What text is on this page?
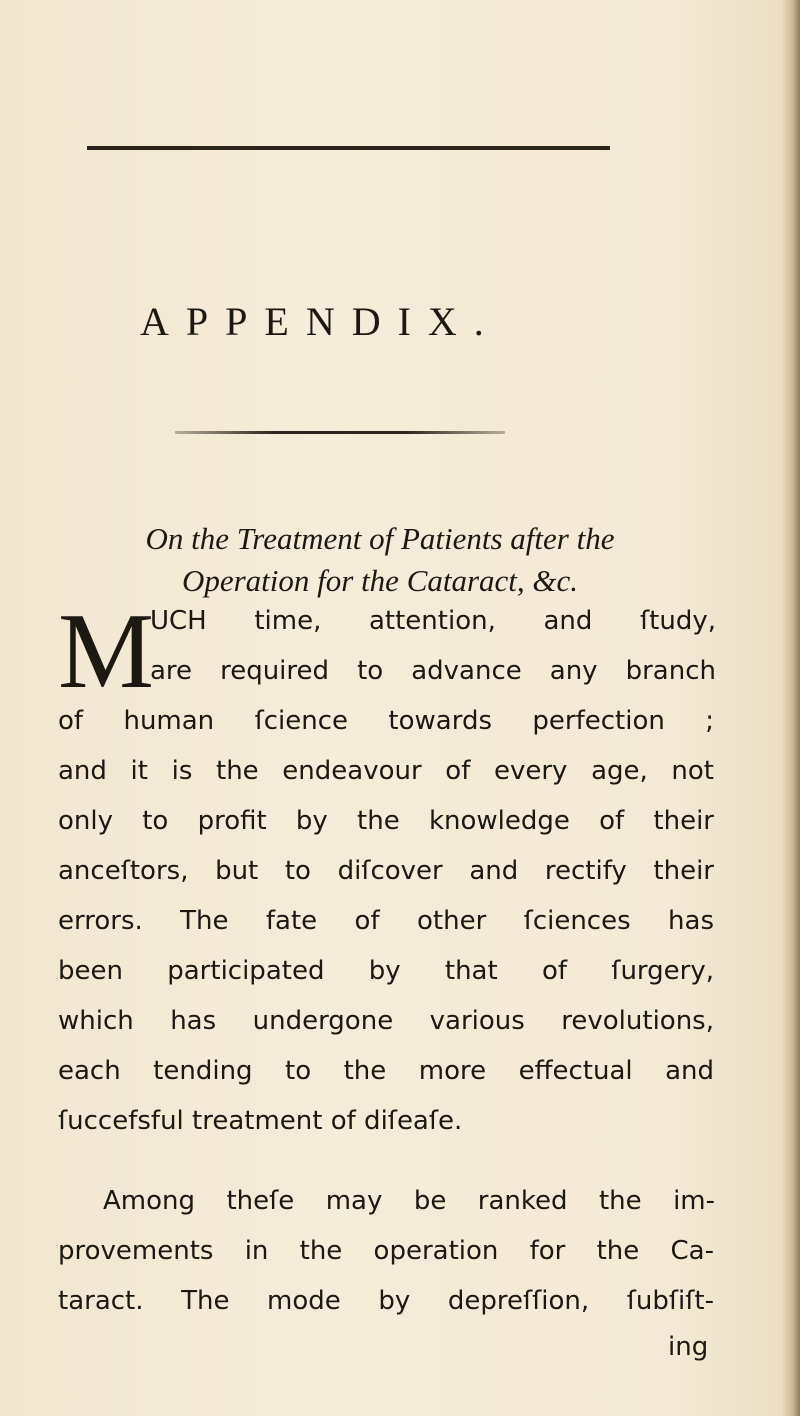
APPENDIX.
On the Treatment of Patients after the
Operation for the Cataract, &c.
M
UCH time, attention, and ſtudy,
are required to advance any branch
of human ſcience towards perfection ;
and it is the endeavour of every age, not
only to profit by the knowledge of their
anceſtors, but to diſcover and rectify their
errors. The fate of other ſciences has
been participated by that of ſurgery,
which has undergone various revolutions,
each tending to the more effectual and
ſuccefsful treatment of diſeaſe.
Among theſe may be ranked the im-
provements in the operation for the Ca-
taract. The mode by depreſſion, ſubſiſt-
ing
